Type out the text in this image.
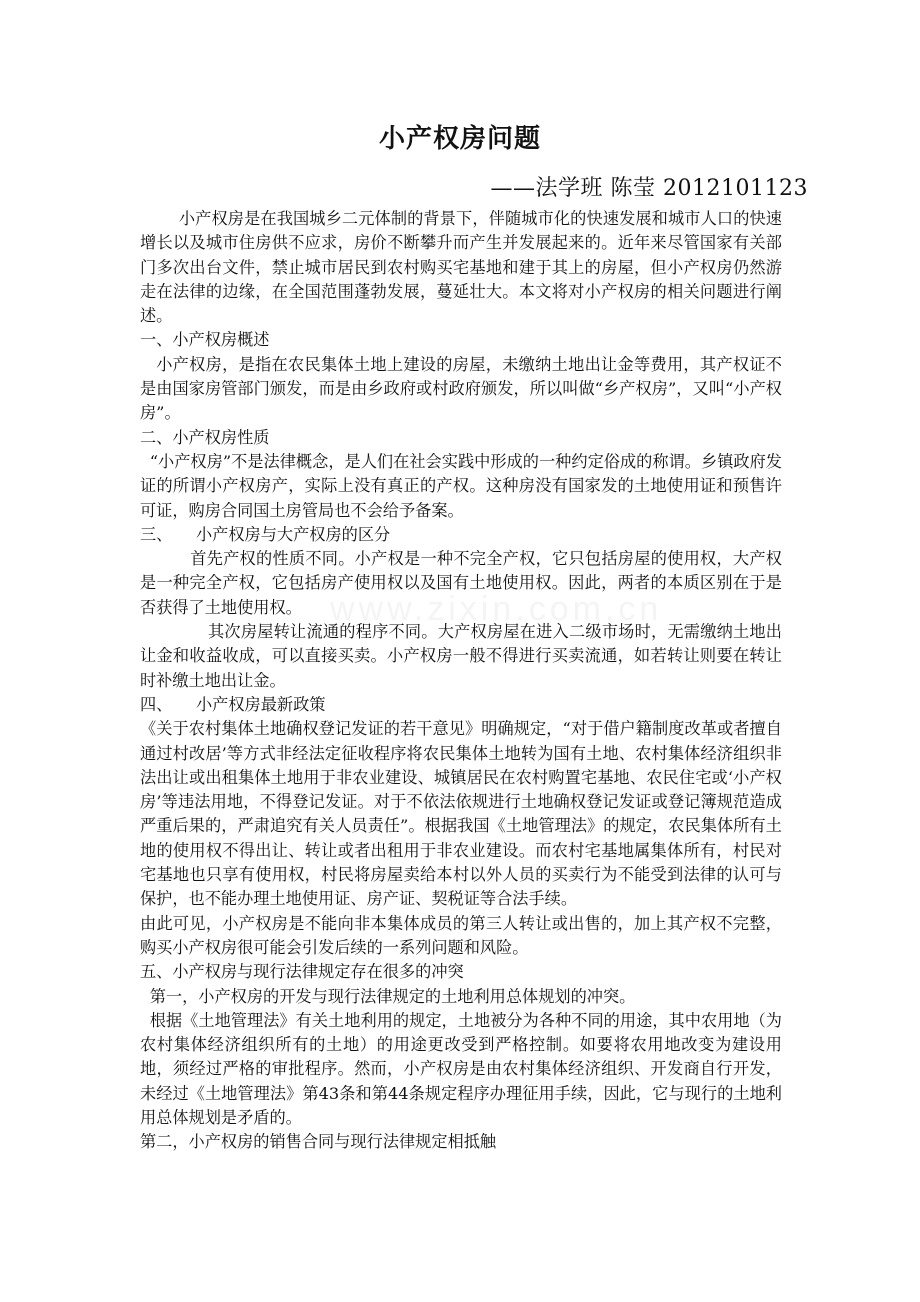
小产权房问题
——法学班 陈莹 2012101123

小产权房是在我国城乡二元体制的背景下，伴随城市化的快速发展和城市人口的快速增长以及城市住房供不应求，房价不断攀升而产生并发展起来的。近年来尽管国家有关部门多次出台文件，禁止城市居民到农村购买宅基地和建于其上的房屋，但小产权房仍然游走在法律的边缘，在全国范围蓬勃发展，蔓延壮大。本文将对小产权房的相关问题进行阐述。

一、小产权房概述

小产权房，是指在农民集体土地上建设的房屋，未缴纳土地出让金等费用，其产权证不是由国家房管部门颁发，而是由乡政府或村政府颁发，所以叫做“乡产权房”，又叫“小产权房”。

二、小产权房性质

“小产权房”不是法律概念，是人们在社会实践中形成的一种约定俗成的称谓。乡镇政府发证的所谓小产权房产，实际上没有真正的产权。这种房没有国家发的土地使用证和预售许可证，购房合同国土房管局也不会给予备案。

三、	小产权房与大产权房的区分

首先产权的性质不同。小产权是一种不完全产权，它只包括房屋的使用权，大产权是一种完全产权，它包括房产使用权以及国有土地使用权。因此，两者的本质区别在于是否获得了土地使用权。

其次房屋转让流通的程序不同。大产权房屋在进入二级市场时，无需缴纳土地出让金和收益收成，可以直接买卖。小产权房一般不得进行买卖流通，如若转让则要在转让时补缴土地出让金。

四、	小产权房最新政策

《关于农村集体土地确权登记发证的若干意见》明确规定，“对于借户籍制度改革或者擅自通过村改居’等方式非经法定征收程序将农民集体土地转为国有土地、农村集体经济组织非法出让或出租集体土地用于非农业建设、城镇居民在农村购置宅基地、农民住宅或‘小产权房’等违法用地，不得登记发证。对于不依法依规进行土地确权登记发证或登记簿规范造成严重后果的，严肃追究有关人员责任”。根据我国《土地管理法》的规定，农民集体所有土地的使用权不得出让、转让或者出租用于非农业建设。而农村宅基地属集体所有，村民对宅基地也只享有使用权，村民将房屋卖给本村以外人员的买卖行为不能受到法律的认可与保护，也不能办理土地使用证、房产证、契税证等合法手续。

由此可见，小产权房是不能向非本集体成员的第三人转让或出售的，加上其产权不完整，购买小产权房很可能会引发后续的一系列问题和风险。

五、小产权房与现行法律规定存在很多的冲突

第一，小产权房的开发与现行法律规定的土地利用总体规划的冲突。

根据《土地管理法》有关土地利用的规定，土地被分为各种不同的用途，其中农用地（为农村集体经济组织所有的土地）的用途更改受到严格控制。如要将农用地改变为建设用地，须经过严格的审批程序。然而，小产权房是由农村集体经济组织、开发商自行开发，未经过《土地管理法》第43条和第44条规定程序办理征用手续，因此，它与现行的土地利用总体规划是矛盾的。

第二，小产权房的销售合同与现行法律规定相抵触
